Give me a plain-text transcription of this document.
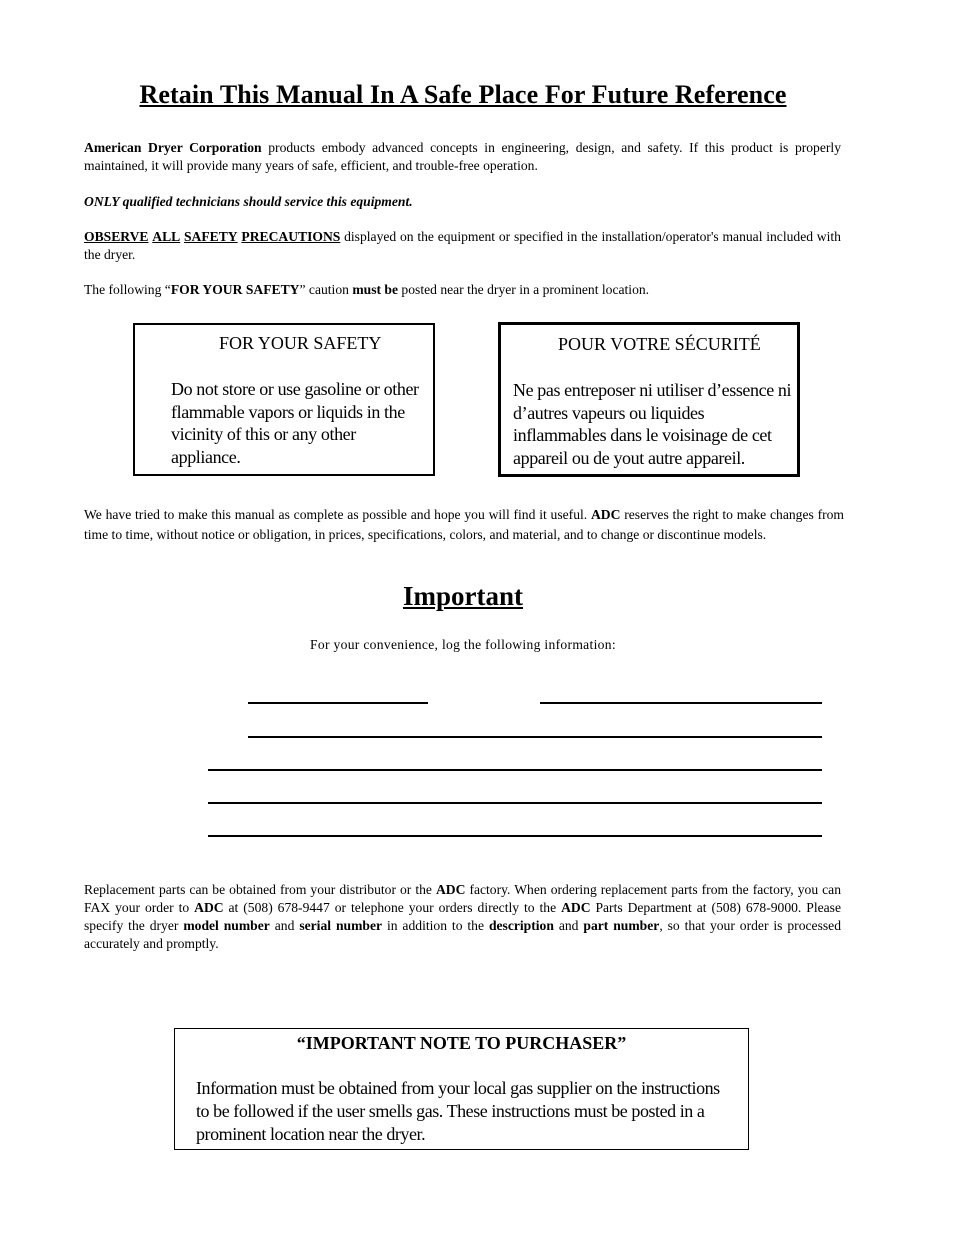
Retain This Manual In A Safe Place For Future Reference
American Dryer Corporation products embody advanced concepts in engineering, design, and safety. If this product is properly maintained, it will provide many years of safe, efficient, and trouble-free operation.
ONLY qualified technicians should service this equipment.
OBSERVE ALL SAFETY PRECAUTIONS displayed on the equipment or specified in the installation/operator's manual included with the dryer.
The following “FOR YOUR SAFETY” caution must be posted near the dryer in a prominent location.
FOR YOUR SAFETY
Do not store or use gasoline or other flammable vapors or liquids in the vicinity of this or any other appliance.
POUR VOTRE SÉCURITÉ
Ne pas entreposer ni utiliser d’essence ni d’autres vapeurs ou liquides inflammables dans le voisinage de cet appareil ou de yout autre appareil.
We have tried to make this manual as complete as possible and hope you will find it useful. ADC reserves the right to make changes from time to time, without notice or obligation, in prices, specifications, colors, and material, and to change or discontinue models.
Important
For your convenience, log the following information:
Replacement parts can be obtained from your distributor or the ADC factory. When ordering replacement parts from the factory, you can FAX your order to ADC at (508) 678-9447 or telephone your orders directly to the ADC Parts Department at (508) 678-9000. Please specify the dryer model number and serial number in addition to the description and part number, so that your order is processed accurately and promptly.
“IMPORTANT NOTE TO PURCHASER”
Information must be obtained from your local gas supplier on the instructions to be followed if the user smells gas. These instructions must be posted in a prominent location near the dryer.
